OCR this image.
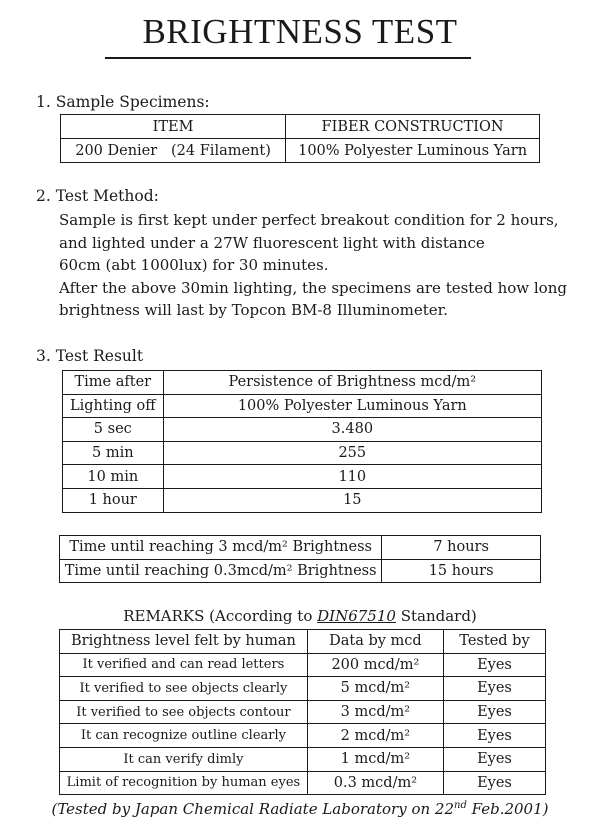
BRIGHTNESS TEST
1. Sample Specimens:
ITEM	FIBER CONSTRUCTION
200 Denier   (24 Filament)	100% Polyester Luminous Yarn
2. Test Method:
Sample is first kept under perfect breakout condition for 2 hours,
and lighted under a 27W fluorescent light with distance
60cm (abt 1000lux) for 30 minutes.
After the above 30min lighting, the specimens are tested how long
brightness will last by Topcon BM-8 Illuminometer.
3. Test Result
Time after	Persistence of Brightness mcd/m²
Lighting off	100% Polyester Luminous Yarn
5 sec	3.480
5 min	255
10 min	110
1 hour	15
Time until reaching 3 mcd/m² Brightness	7 hours
Time until reaching 0.3mcd/m² Brightness	15 hours
REMARKS (According to DIN67510 Standard)
Brightness level felt by human	Data by mcd	Tested by
It verified and can read letters	200 mcd/m²	Eyes
It verified to see objects clearly	5 mcd/m²	Eyes
It verified to see objects contour	3 mcd/m²	Eyes
It can recognize outline clearly	2 mcd/m²	Eyes
It can verify dimly	1 mcd/m²	Eyes
Limit of recognition by human eyes	0.3 mcd/m²	Eyes
(Tested by Japan Chemical Radiate Laboratory on 22nd Feb.2001)
